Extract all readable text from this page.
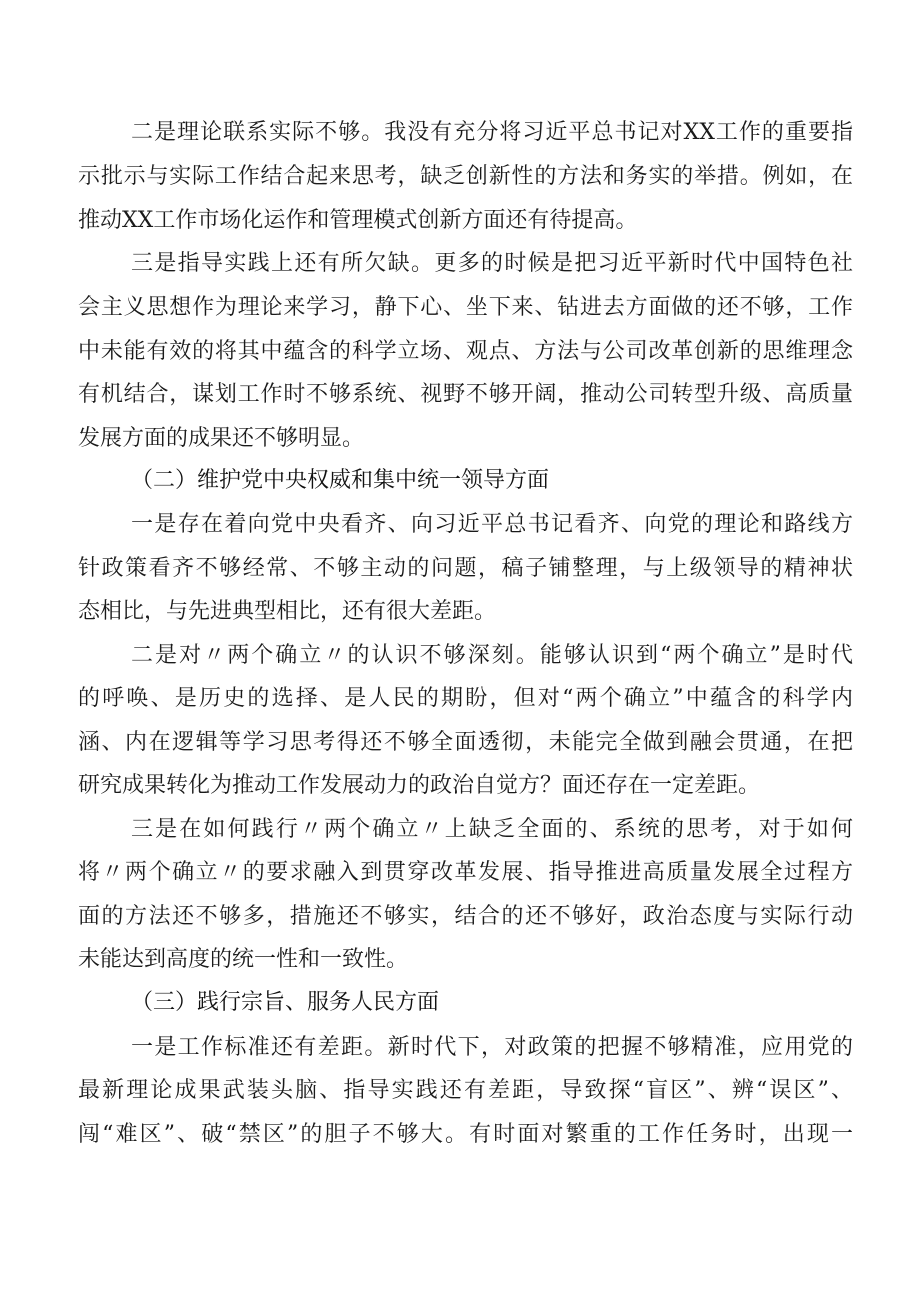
二是理论联系实际不够。我没有充分将习近平总书记对XX工作的重要指
示批示与实际工作结合起来思考，缺乏创新性的方法和务实的举措。例如，在
推动XX工作市场化运作和管理模式创新方面还有待提高。
三是指导实践上还有所欠缺。更多的时候是把习近平新时代中国特色社
会主义思想作为理论来学习，静下心、坐下来、钻进去方面做的还不够，工作
中未能有效的将其中蕴含的科学立场、观点、方法与公司改革创新的思维理念
有机结合，谋划工作时不够系统、视野不够开阔，推动公司转型升级、高质量
发展方面的成果还不够明显。
（二）维护党中央权威和集中统一领导方面
一是存在着向党中央看齐、向习近平总书记看齐、向党的理论和路线方
针政策看齐不够经常、不够主动的问题，稿子铺整理，与上级领导的精神状
态相比，与先进典型相比，还有很大差距。
二是对〃两个确立〃的认识不够深刻。能够认识到“两个确立”是时代
的呼唤、是历史的选择、是人民的期盼，但对“两个确立”中蕴含的科学内
涵、内在逻辑等学习思考得还不够全面透彻，未能完全做到融会贯通，在把
研究成果转化为推动工作发展动力的政治自觉方？面还存在一定差距。
三是在如何践行〃两个确立〃上缺乏全面的、系统的思考，对于如何
将〃两个确立〃的要求融入到贯穿改革发展、指导推进高质量发展全过程方
面的方法还不够多，措施还不够实，结合的还不够好，政治态度与实际行动
未能达到高度的统一性和一致性。
（三）践行宗旨、服务人民方面
一是工作标准还有差距。新时代下，对政策的把握不够精准，应用党的
最新理论成果武装头脑、指导实践还有差距，导致探“盲区”、辨“误区”、
闯“难区”、破“禁区”的胆子不够大。有时面对繁重的工作任务时，出现一
